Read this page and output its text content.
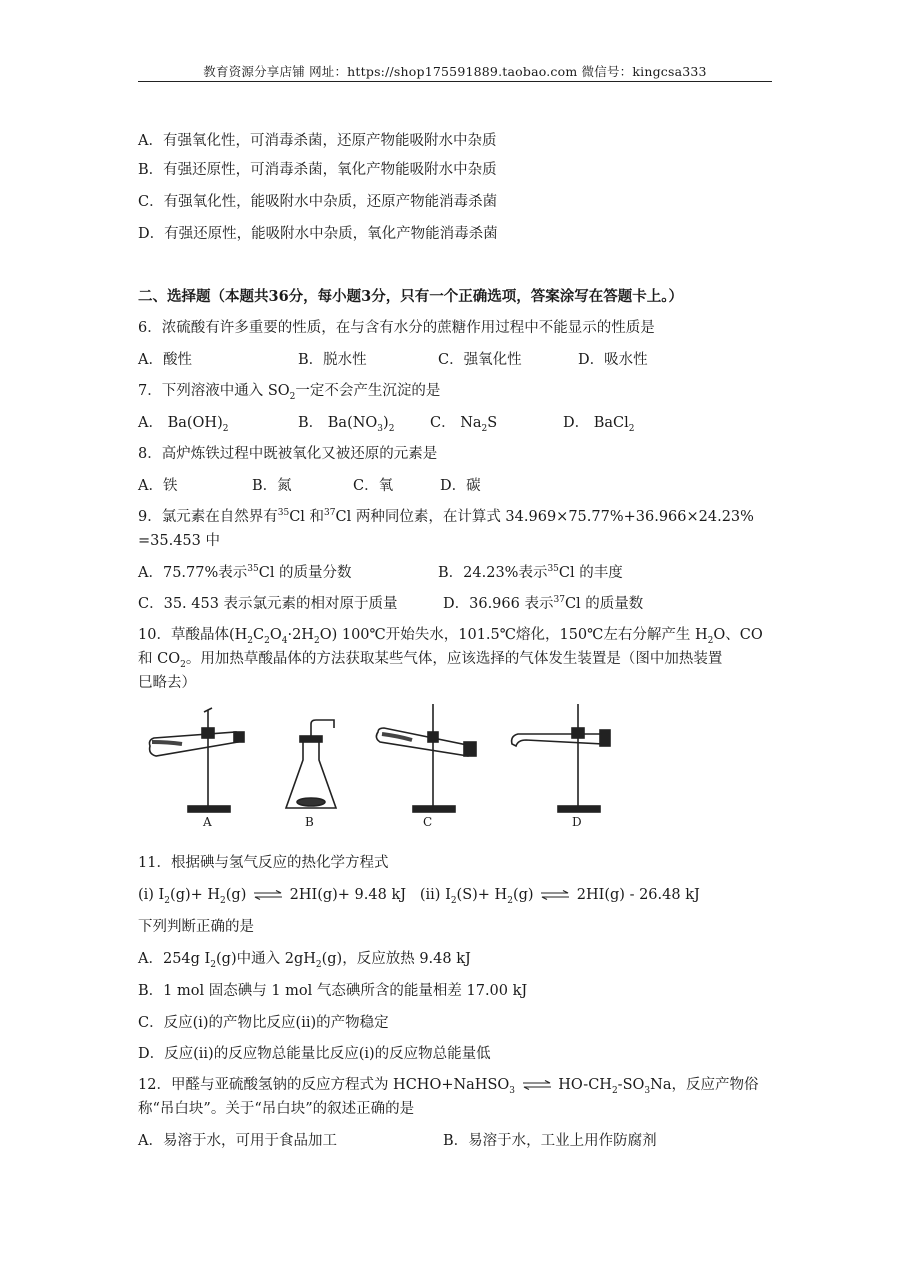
教育资源分享店铺 网址：https://shop175591889.taobao.com 微信号：kingcsa333
A．有强氧化性，可消毒杀菌，还原产物能吸附水中杂质
B．有强还原性，可消毒杀菌，氧化产物能吸附水中杂质
C．有强氧化性，能吸附水中杂质，还原产物能消毒杀菌
D．有强还原性，能吸附水中杂质，氧化产物能消毒杀菌
二、选择题（本题共36分，每小题3分，只有一个正确选项，答案涂写在答题卡上。）
6．浓硫酸有许多重要的性质，在与含有水分的蔗糖作用过程中不能显示的性质是
A．酸性	B．脱水性	C．强氧化性	D．吸水性
7．下列溶液中通入 $SO_2$一定不会产生沉淀的是
A． $Ba(OH)_2$	B． $Ba(NO_3)_2$ C． $Na_2S$	D． BaCl$_2$
8．高炉炼铁过程中既被氧化又被还原的元素是
A．铁	B．氮	C．氧	D．碳
9．氯元素在自然界有$^{35}$Cl 和$^{37}$Cl 两种同位素，在计算式 34.969×75.77%+36.966×24.23%
=35.453 中
A．75.77%表示$^{35}$Cl 的质量分数	B．24.23%表示$^{35}$Cl 的丰度
C．35. 453 表示氯元素的相对原于质量	D．36.966 表示$^{37}$Cl 的质量数
10．草酸晶体$(H_2C_2O_4\cdot 2H_2O)$ 100℃开始失水，101.5℃熔化，150℃左右分解产生 $H_2O$、CO
和 $CO_2$。用加热草酸晶体的方法获取某些气体，应该选择的气体发生装置是（图中加热装置
巳略去）
A	B	C	D
11．根据碘与氢气反应的热化学方程式
(i) $I_2(g)+ H_2(g)$ ⇌ 2HI(g)+ 9.48 kJ (ii) $I_2(S)+ H_2(g)$ ⇌ 2HI(g) - 26.48 kJ
下列判断正确的是
A．254g $I_2(g)$中通入 $2gH_2(g)$，反应放热 9.48 kJ
B．1 mol 固态碘与 1 mol 气态碘所含的能量相差 17.00 kJ
C．反应(i)的产物比反应(ii)的产物稳定
D．反应(ii)的反应物总能量比反应(i)的反应物总能量低
12．甲醛与亚硫酸氢钠的反应方程式为 HCHO+NaHSO$_3$ ⇌ $HO-CH_2-SO_3Na$，反应产物俗
称“吊白块”。关于“吊白块”的叙述正确的是
A．易溶于水，可用于食品加工	B．易溶于水，工业上用作防腐剂
